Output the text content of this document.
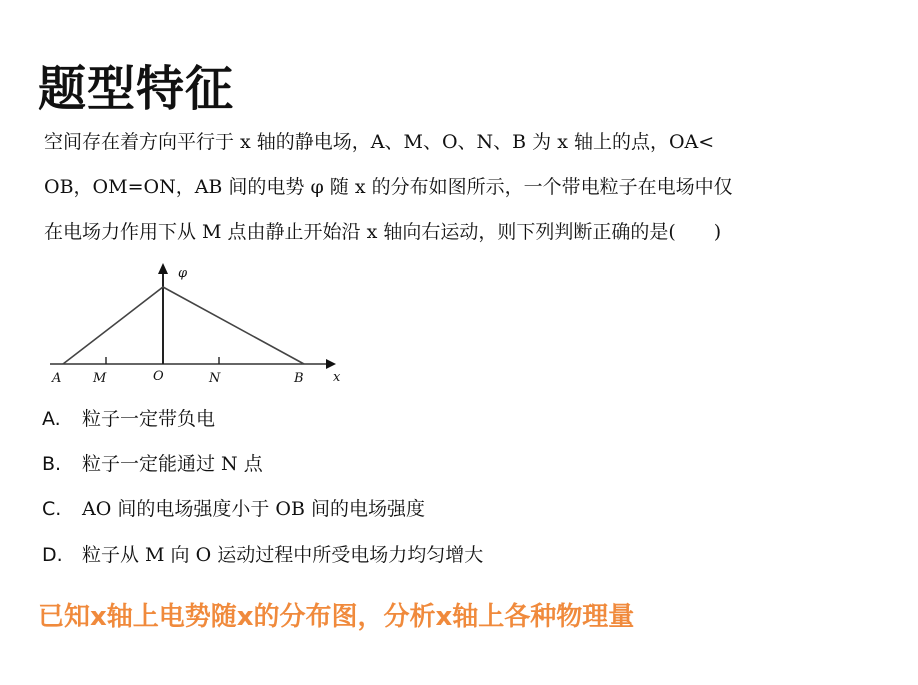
题型特征
空间存在着方向平行于 x 轴的静电场，A、M、O、N、B 为 x 轴上的点，OA<
OB，OM=ON，AB 间的电势 φ 随 x 的分布如图所示，一个带电粒子在电场中仅
在电场力作用下从 M 点由静止开始沿 x 轴向右运动，则下列判断正确的是(　　)
φ
x
A M	O	N	B
A. 粒子一定带负电
B. 粒子一定能通过 N 点
C. AO 间的电场强度小于 OB 间的电场强度
D. 粒子从 M 向 O 运动过程中所受电场力均匀增大
已知x轴上电势随x的分布图，分析x轴上各种物理量
